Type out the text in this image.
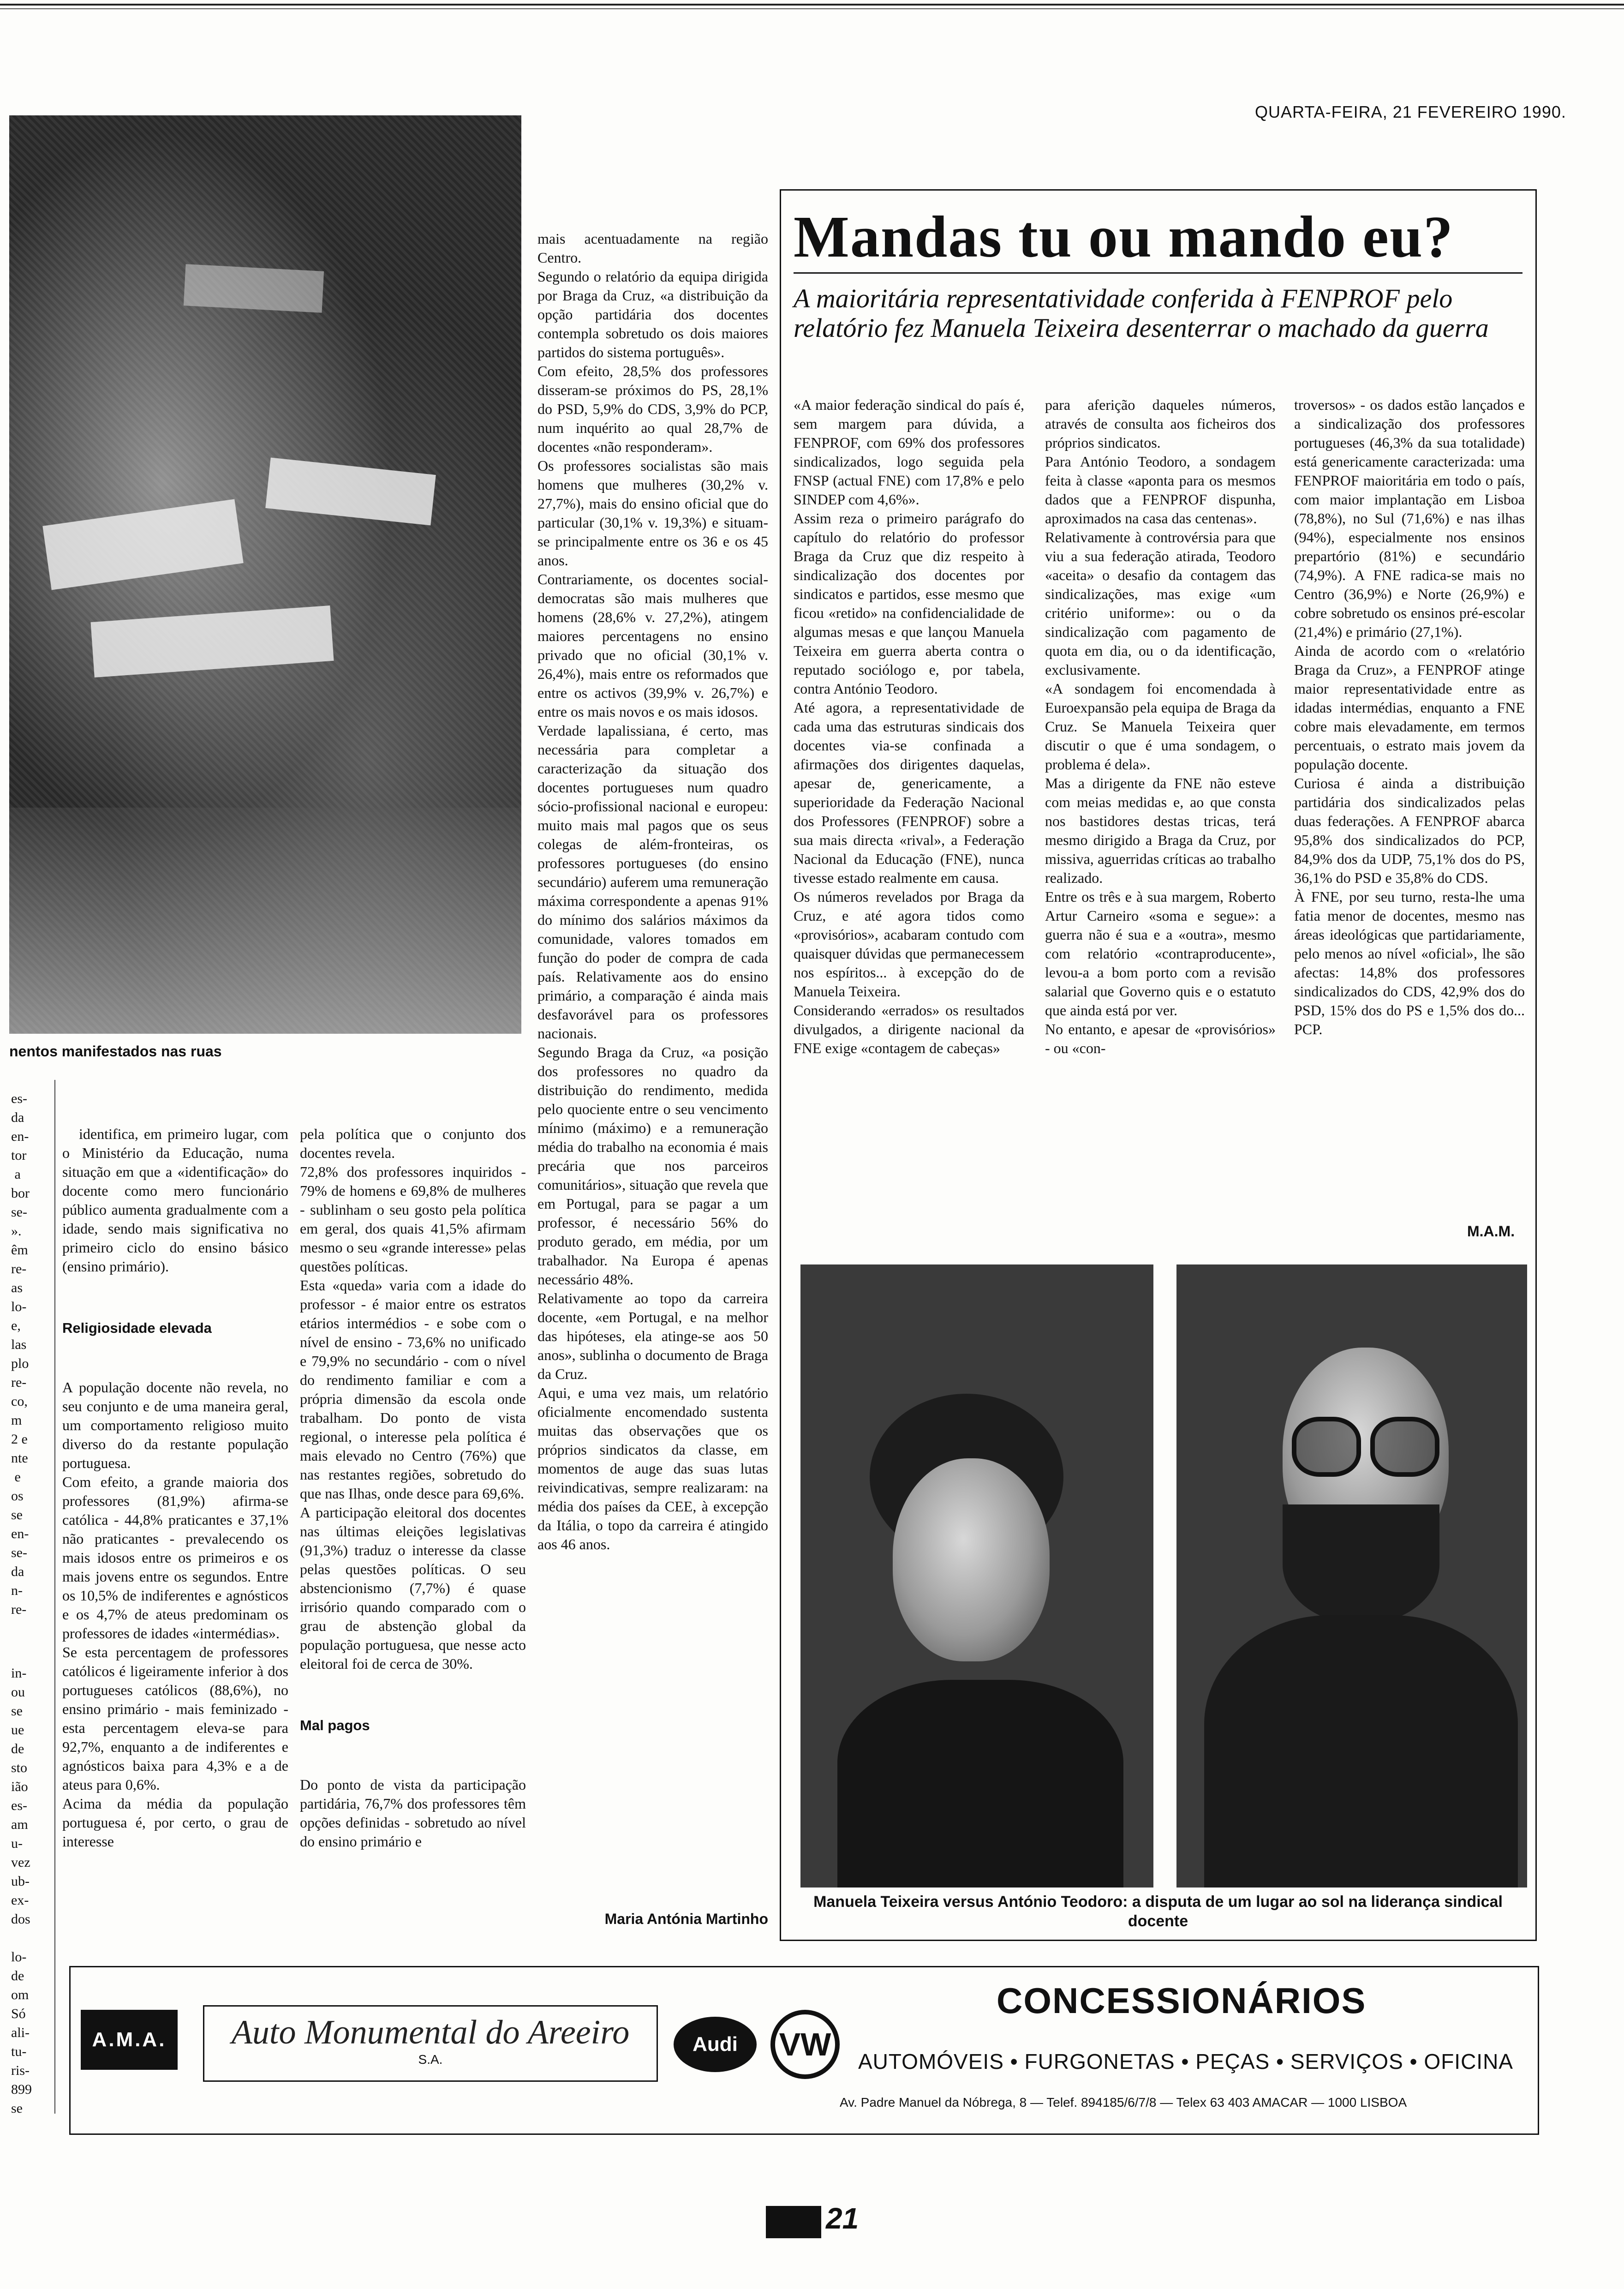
QUARTA-FEIRA, 21 FEVEREIRO 1990.
nentos manifestados nas ruas
es-
da
en-
tor
a
bor
se-
».
êm
re-
as
lo-
e,
las
plo
re-
co,
m
2 e
nte
e
os
se
en-
se-
da
n-
re-
in-
ou
se
ue
de
sto
ião
es-
am
u-
vez
ub-
ex-
dos

lo-
de
om
Só
ali-
tu-
ris-
899
se

identifica, em primeiro lugar, com o Ministério da Educação, numa situação em que a «identificação» do docente como mero funcionário público aumenta gradualmente com a idade, sendo mais significativa no primeiro ciclo do ensino básico (ensino primário).

Religiosidade elevada

A população docente não revela, no seu conjunto e de uma maneira geral, um comportamento religioso muito diverso do da restante população portuguesa.
Com efeito, a grande maioria dos professores (81,9%) afirma-se católica - 44,8% praticantes e 37,1% não praticantes - prevalecendo os mais idosos entre os primeiros e os mais jovens entre os segundos. Entre os 10,5% de indiferentes e agnósticos e os 4,7% de ateus predominam os professores de idades «intermédias».
Se esta percentagem de professores católicos é ligeiramente inferior à dos portugueses católicos (88,6%), no ensino primário - mais feminizado - esta percentagem eleva-se para 92,7%, enquanto a de indiferentes e agnósticos baixa para 4,3% e a de ateus para 0,6%.
Acima da média da população portuguesa é, por certo, o grau de interesse

pela política que o conjunto dos docentes revela.
72,8% dos professores inquiridos - 79% de homens e 69,8% de mulheres - sublinham o seu gosto pela política em geral, dos quais 41,5% afirmam mesmo o seu «grande interesse» pelas questões políticas.
Esta «queda» varia com a idade do professor - é maior entre os estratos etários intermédios - e sobe com o nível de ensino - 73,6% no unificado e 79,9% no secundário - com o nível do rendimento familiar e com a própria dimensão da escola onde trabalham. Do ponto de vista regional, o interesse pela política é mais elevado no Centro (76%) que nas restantes regiões, sobretudo do que nas Ilhas, onde desce para 69,6%.
A participação eleitoral dos docentes nas últimas eleições legislativas (91,3%) traduz o interesse da classe pelas questões políticas. O seu abstencionismo (7,7%) é quase irrisório quando comparado com o grau de abstenção global da população portuguesa, que nesse acto eleitoral foi de cerca de 30%.

Mal pagos

Do ponto de vista da participação partidária, 76,7% dos professores têm opções definidas - sobretudo ao nível do ensino primário e

mais acentuadamente na região Centro.
Segundo o relatório da equipa dirigida por Braga da Cruz, «a distribuição da opção partidária dos docentes contempla sobretudo os dois maiores partidos do sistema português».
Com efeito, 28,5% dos professores disseram-se próximos do PS, 28,1% do PSD, 5,9% do CDS, 3,9% do PCP, num inquérito ao qual 28,7% de docentes «não responderam».
Os professores socialistas são mais homens que mulheres (30,2% v. 27,7%), mais do ensino oficial que do particular (30,1% v. 19,3%) e situam-se principalmente entre os 36 e os 45 anos.
Contrariamente, os docentes social-democratas são mais mulheres que homens (28,6% v. 27,2%), atingem maiores percentagens no ensino privado que no oficial (30,1% v. 26,4%), mais entre os reformados que entre os activos (39,9% v. 26,7%) e entre os mais novos e os mais idosos.
Verdade lapalissiana, é certo, mas necessária para completar a caracterização da situação dos docentes portugueses num quadro sócio-profissional nacional e europeu: muito mais mal pagos que os seus colegas de além-fronteiras, os professores portugueses (do ensino secundário) auferem uma remuneração máxima correspondente a apenas 91% do mínimo dos salários máximos da comunidade, valores tomados em função do poder de compra de cada país. Relativamente aos do ensino primário, a comparação é ainda mais desfavorável para os professores nacionais.
Segundo Braga da Cruz, «a posição dos professores no quadro da distribuição do rendimento, medida pelo quociente entre o seu vencimento mínimo (máximo) e a remuneração média do trabalho na economia é mais precária que nos parceiros comunitários», situação que revela que em Portugal, para se pagar a um professor, é necessário 56% do produto gerado, em média, por um trabalhador. Na Europa é apenas necessário 48%.
Relativamente ao topo da carreira docente, «em Portugal, e na melhor das hipóteses, ela atinge-se aos 50 anos», sublinha o documento de Braga da Cruz.
Aqui, e uma vez mais, um relatório oficialmente encomendado sustenta muitas das observações que os próprios sindicatos da classe, em momentos de auge das suas lutas reivindicativas, sempre realizaram: na média dos países da CEE, à excepção da Itália, o topo da carreira é atingido aos 46 anos.

Maria Antónia Martinho
Mandas tu ou mando eu?
A maioritária representatividade conferida à FENPROF pelo relatório fez Manuela Teixeira desenterrar o machado da guerra

«A maior federação sindical do país é, sem margem para dúvida, a FENPROF, com 69% dos professores sindicalizados, logo seguida pela FNSP (actual FNE) com 17,8% e pelo SINDEP com 4,6%».
Assim reza o primeiro parágrafo do capítulo do relatório do professor Braga da Cruz que diz respeito à sindicalização dos docentes por sindicatos e partidos, esse mesmo que ficou «retido» na confidencialidade de algumas mesas e que lançou Manuela Teixeira em guerra aberta contra o reputado sociólogo e, por tabela, contra António Teodoro.
Até agora, a representatividade de cada uma das estruturas sindicais dos docentes via-se confinada a afirmações dos dirigentes daquelas, apesar de, genericamente, a superioridade da Federação Nacional dos Professores (FENPROF) sobre a sua mais directa «rival», a Federação Nacional da Educação (FNE), nunca tivesse estado realmente em causa.
Os números revelados por Braga da Cruz, e até agora tidos como «provisórios», acabaram contudo com quaisquer dúvidas que permanecessem nos espíritos... à excepção do de Manuela Teixeira.
Considerando «errados» os resultados divulgados, a dirigente nacional da FNE exige «contagem de cabeças»

para aferição daqueles números, através de consulta aos ficheiros dos próprios sindicatos.
Para António Teodoro, a sondagem feita à classe «aponta para os mesmos dados que a FENPROF dispunha, aproximados na casa das centenas».
Relativamente à controvérsia para que viu a sua federação atirada, Teodoro «aceita» o desafio da contagem das sindicalizações, mas exige «um critério uniforme»: ou o da sindicalização com pagamento de quota em dia, ou o da identificação, exclusivamente.
«A sondagem foi encomendada à Euroexpansão pela equipa de Braga da Cruz. Se Manuela Teixeira quer discutir o que é uma sondagem, o problema é dela».
Mas a dirigente da FNE não esteve com meias medidas e, ao que consta nos bastidores destas tricas, terá mesmo dirigido a Braga da Cruz, por missiva, aguerridas críticas ao trabalho realizado.
Entre os três e à sua margem, Roberto Artur Carneiro «soma e segue»: a guerra não é sua e a «outra», mesmo com relatório «contraproducente», levou-a a bom porto com a revisão salarial que Governo quis e o estatuto que ainda está por ver.
No entanto, e apesar de «provisórios» - ou «con-

troversos» - os dados estão lançados e a sindicalização dos professores portugueses (46,3% da sua totalidade) está genericamente caracterizada: uma FENPROF maioritária em todo o país, com maior implantação em Lisboa (78,8%), no Sul (71,6%) e nas ilhas (94%), especialmente nos ensinos prepartório (81%) e secundário (74,9%). A FNE radica-se mais no Centro (36,9%) e Norte (26,9%) e cobre sobretudo os ensinos pré-escolar (21,4%) e primário (27,1%).
Ainda de acordo com o «relatório Braga da Cruz», a FENPROF atinge maior representatividade entre as idadas intermédias, enquanto a FNE cobre mais elevadamente, em termos percentuais, o estrato mais jovem da população docente.
Curiosa é ainda a distribuição partidária dos sindicalizados pelas duas federações. A FENPROF abarca 95,8% dos sindicalizados do PCP, 84,9% dos da UDP, 75,1% dos do PS, 36,1% do PSD e 35,8% do CDS.
À FNE, por seu turno, resta-lhe uma fatia menor de docentes, mesmo nas áreas ideológicas que partidariamente, pelo menos ao nível «oficial», lhe são afectas: 14,8% dos professores sindicalizados do CDS, 42,9% dos do PSD, 15% dos do PS e 1,5% dos do... PCP.

M.A.M.
Manuela Teixeira versus António Teodoro: a disputa de um lugar ao sol na liderança sindical docente
A.M.A.	Auto Monumental do Areeiro
S.A.
Audi	VW
CONCESSIONÁRIOS
AUTOMÓVEIS • FURGONETAS • PEÇAS • SERVIÇOS • OFICINA
Av. Padre Manuel da Nóbrega, 8 — Telef. 894185/6/7/8 — Telex 63 403 AMACAR — 1000 LISBOA
21
